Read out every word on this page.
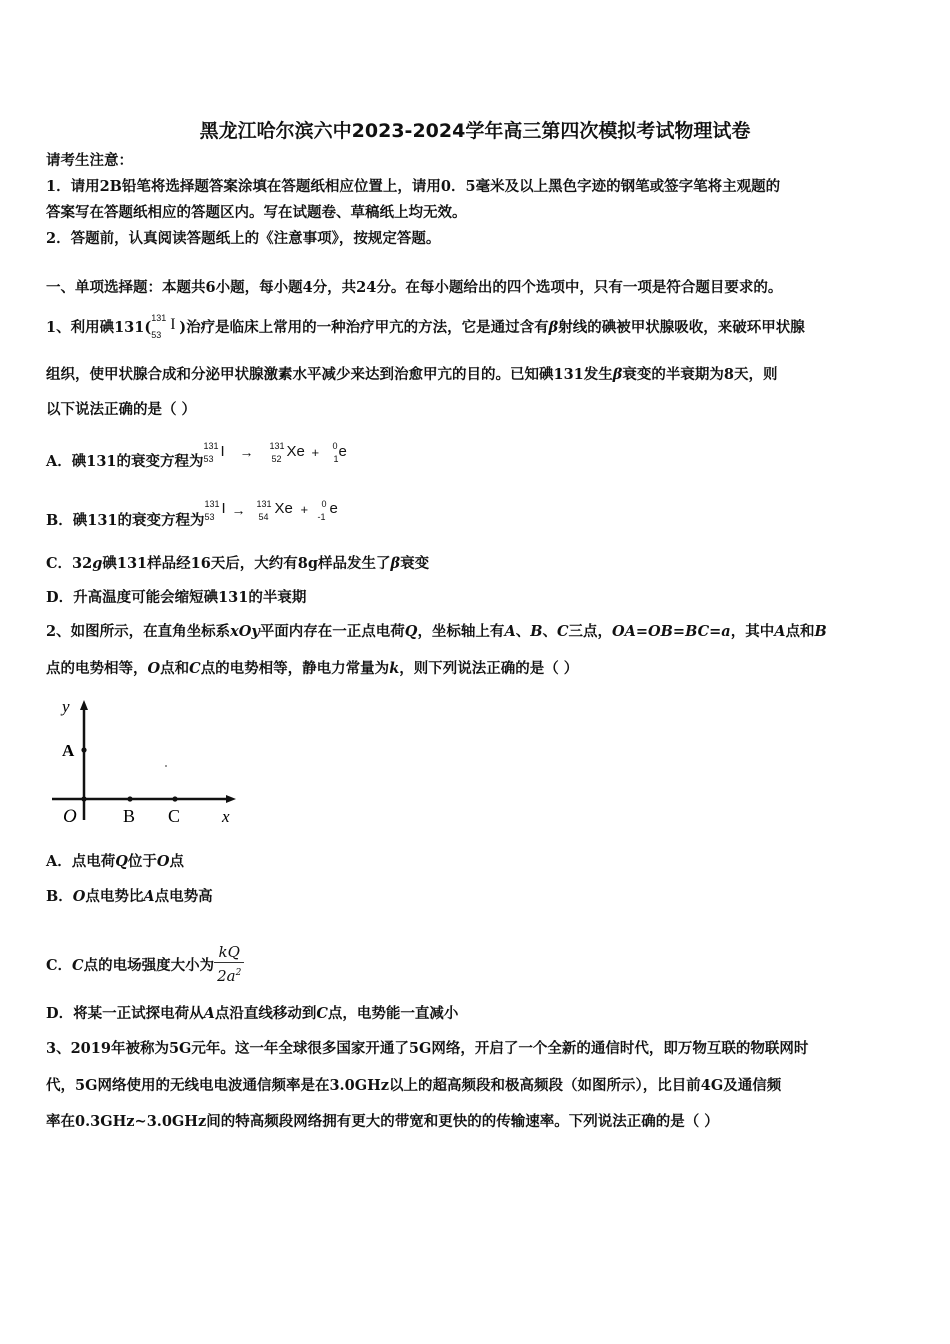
黑龙江哈尔滨六中2023-2024学年高三第四次模拟考试物理试卷
请考生注意：
1．请用2B铅笔将选择题答案涂填在答题纸相应位置上，请用0．5毫米及以上黑色字迹的钢笔或签字笔将主观题的
答案写在答题纸相应的答题区内。写在试题卷、草稿纸上均无效。
2．答题前，认真阅读答题纸上的《注意事项》，按规定答题。
一、单项选择题：本题共6小题，每小题4分，共24分。在每小题给出的四个选项中，只有一项是符合题目要求的。
1、利用碘131(
131
53
I )治疗是临床上常用的一种治疗甲亢的方法，它是通过含有β射线的碘被甲状腺吸收，来破环甲状腺
组织，使甲状腺合成和分泌甲状腺激素水平减少来达到治愈甲亢的目的。已知碘131发生β衰变的半衰期为8天，则
以下说法正确的是（ ）
A．碘131的衰变方程为
131
53 I → 131
52 Xe + 0
1 e
B．碘131的衰变方程为
131
53 I → 131
54 Xe + 0
-1 e
C．32g碘131样品经16天后，大约有8g样品发生了β衰变
D．升高温度可能会缩短碘131的半衰期
2、如图所示，在直角坐标系xOy平面内存在一正点电荷Q，坐标轴上有A、B、C三点，OA=OB=BC=a，其中A点和B
点的电势相等，O点和C点的电势相等，静电力常量为k，则下列说法正确的是（ ）
y
A
O	B C x
A．点电荷Q位于O点
B．O点电势比A点电势高
C．C点的电场强度大小为 $\frac{kQ}{2a^2}$
D．将某一正试探电荷从A点沿直线移动到C点，电势能一直减小
3、2019年被称为5G元年。这一年全球很多国家开通了5G网络，开启了一个全新的通信时代，即万物互联的物联网时
代，5G网络使用的无线电电波通信频率是在3.0GHz以上的超高频段和极高频段（如图所示），比目前4G及通信频
率在0.3GHz~3.0GHz间的特高频段网络拥有更大的带宽和更快的的传输速率。下列说法正确的是（ ）
